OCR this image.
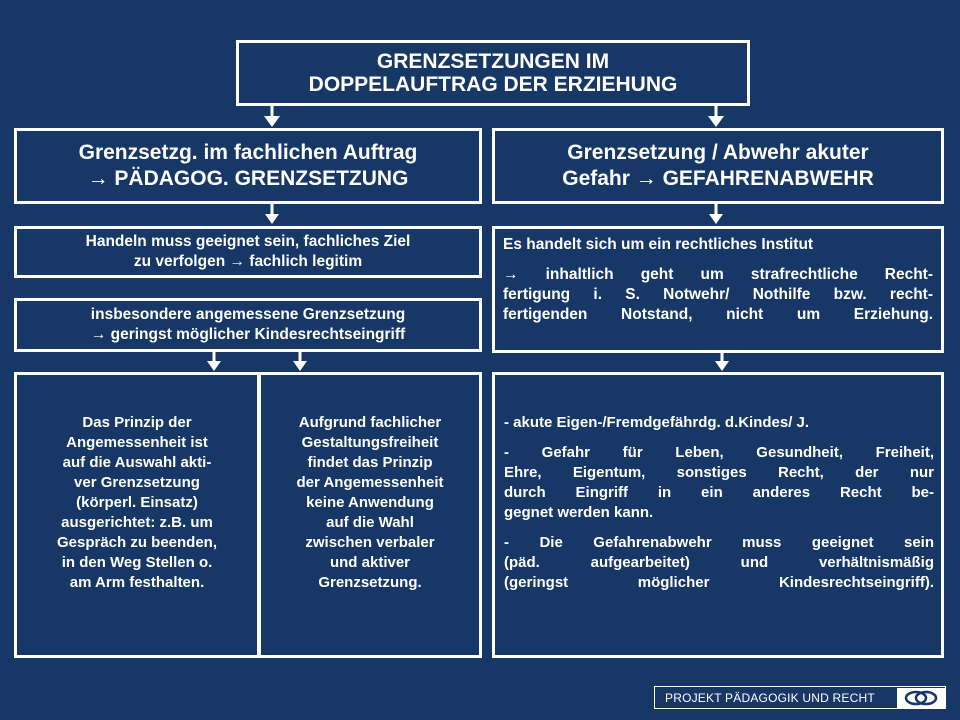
GRENZSETZUNGEN IM
DOPPELAUFTRAG DER ERZIEHUNG
Grenzsetzg. im fachlichen Auftrag
→ PÄDAGOG. GRENZSETZUNG
Grenzsetzung / Abwehr akuter
Gefahr → GEFAHRENABWEHR
Handeln muss geeignet sein, fachliches Ziel
zu verfolgen → fachlich legitim
insbesondere angemessene Grenzsetzung
→ geringst möglicher Kindesrechtseingriff

Es handelt sich um ein rechtliches Institut

→ inhaltlich geht um strafrechtliche Recht-

fertigung i. S. Notwehr/ Nothilfe bzw. recht-

fertigenden Notstand, nicht um Erziehung.

Das Prinzip der
Angemessenheit ist
auf die Auswahl akti-
ver Grenzsetzung
(körperl. Einsatz)
ausgerichtet: z.B. um
Gespräch zu beenden,
in den Weg Stellen o.
am Arm festhalten.
Aufgrund fachlicher
Gestaltungsfreiheit
findet das Prinzip
der Angemessenheit
keine Anwendung
auf die Wahl
zwischen verbaler
und aktiver
Grenzsetzung.

- akute Eigen-/Fremdgefährdg. d.Kindes/ J.

- Gefahr für Leben, Gesundheit, Freiheit,

Ehre, Eigentum, sonstiges Recht, der nur

durch Eingriff in ein anderes Recht be-

gegnet werden kann.

- Die Gefahrenabwehr muss geeignet sein

(päd. aufgearbeitet) und verhältnismäßig

(geringst möglicher Kindesrechtseingriff).

PROJEKT PÄDAGOGIK UND RECHT
